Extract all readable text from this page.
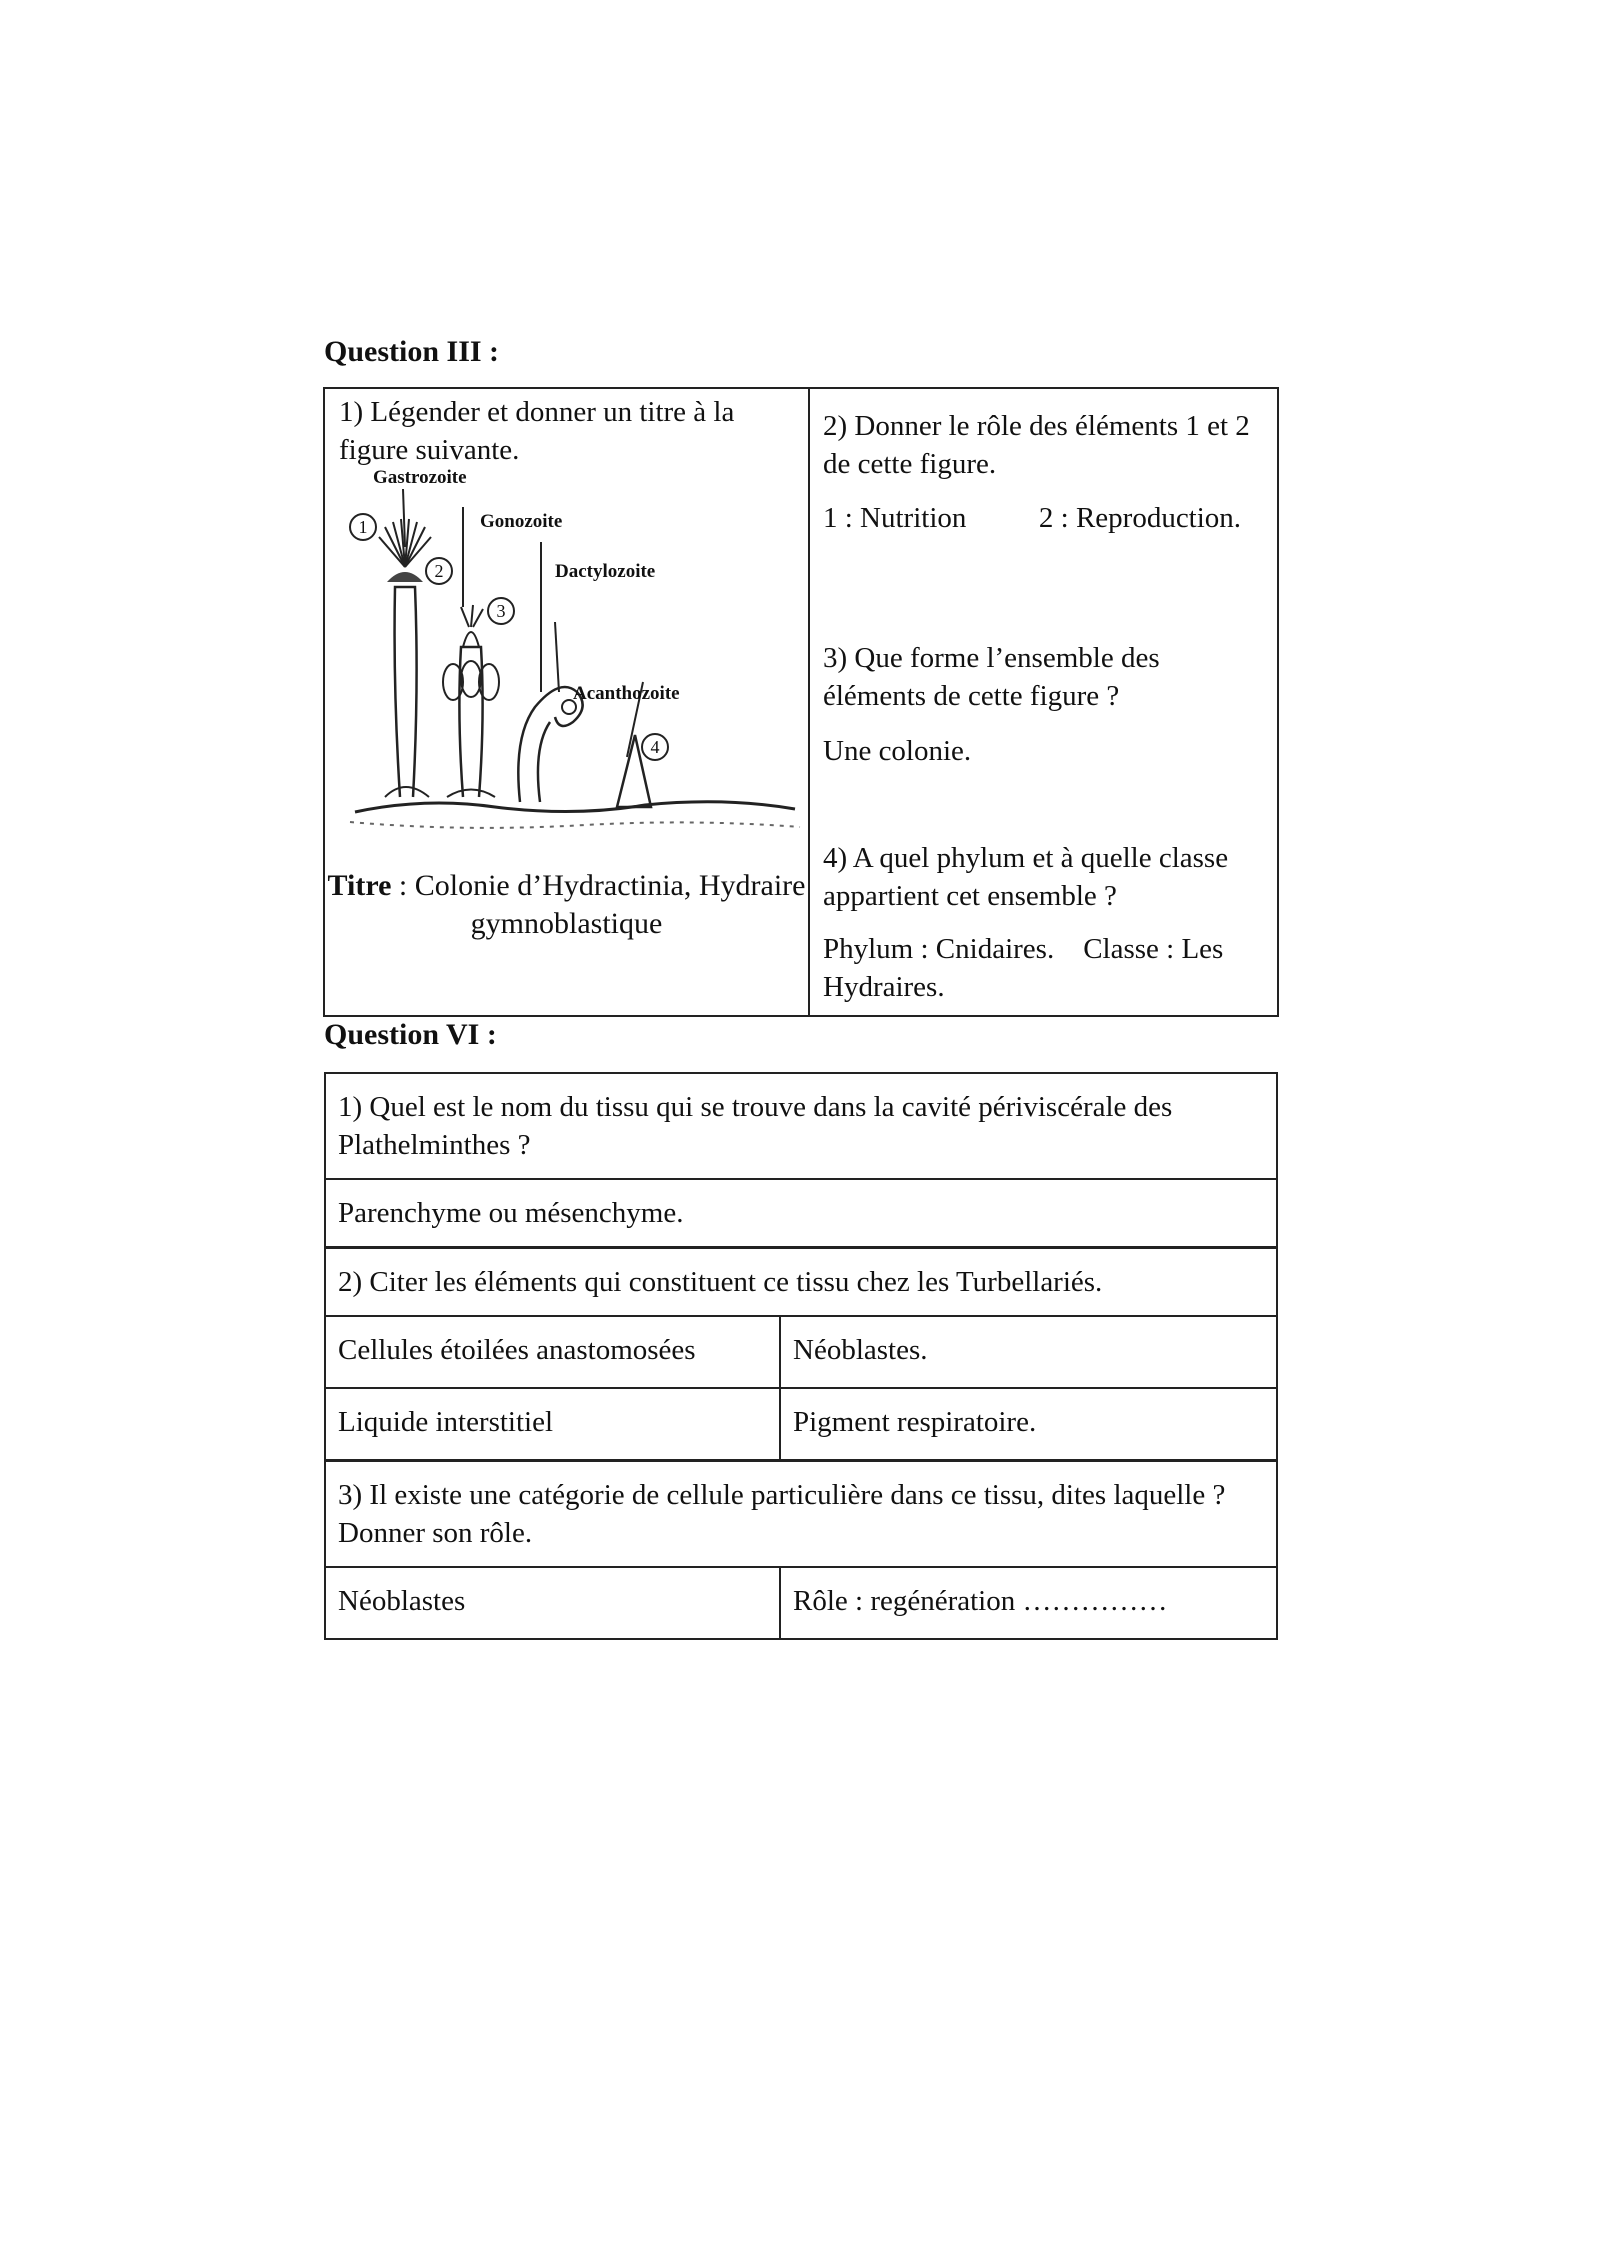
Question III :
1) Légender et donner un titre à la figure suivante.
1
2
3
4
Gastrozoite
Gonozoite
Dactylozoite
Acanthozoite
Titre : Colonie d’Hydractinia, Hydraire gymnoblastique
2) Donner le rôle des éléments 1 et 2 de cette figure.
1 : Nutrition          2 : Reproduction.
3) Que forme l’ensemble des éléments de cette figure ?
Une colonie.
4) A quel phylum et à quelle classe appartient cet ensemble ?
Phylum : Cnidaires.    Classe : Les Hydraires.
Question VI :
1) Quel est le nom du tissu qui se trouve dans la cavité périviscérale des Plathelminthes ?
Parenchyme ou mésenchyme.
2) Citer les éléments qui constituent ce tissu chez les Turbellariés.
Cellules étoilées anastomosées	Néoblastes.
Liquide interstitiel	Pigment respiratoire.
3) Il existe une catégorie de cellule particulière dans ce tissu, dites laquelle ? Donner son rôle.
Néoblastes	Rôle : regénération ……………
